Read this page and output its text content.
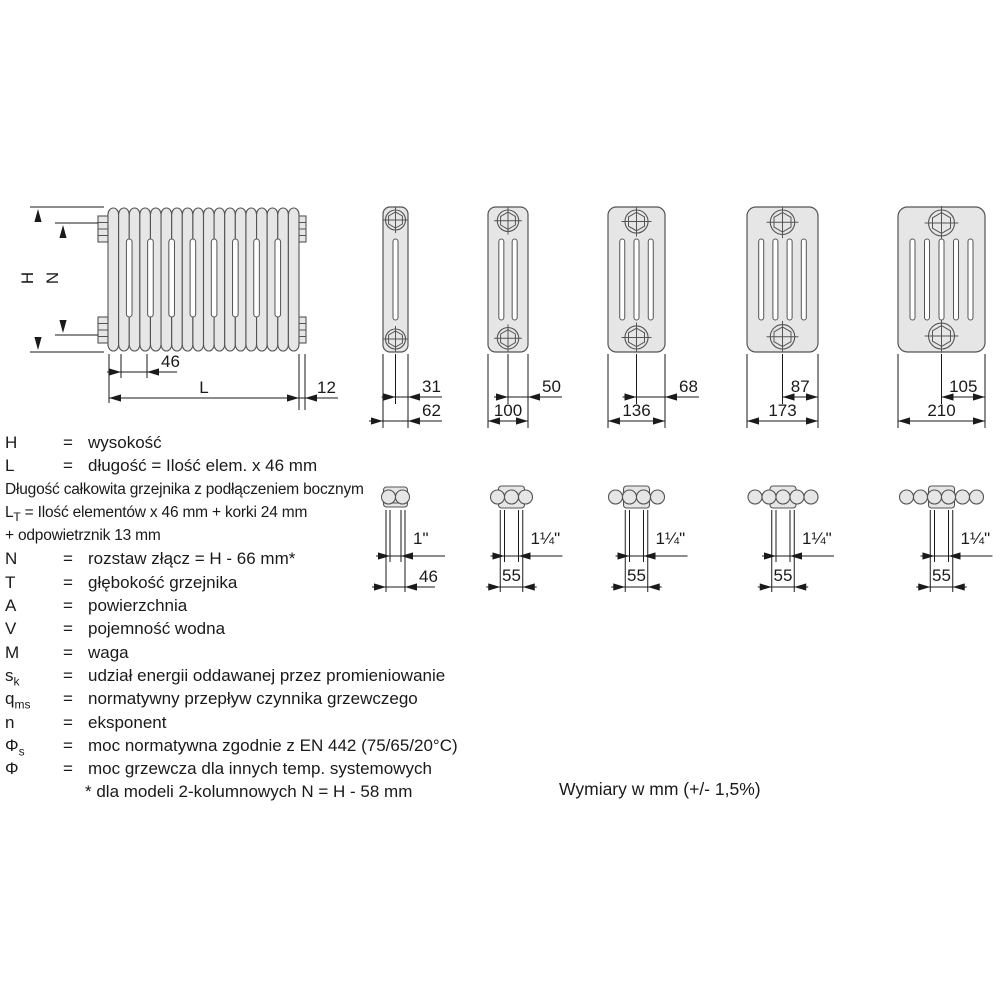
H N
46
L	12	31
62
50
100
68
136
87
173
105
210
1"
46
1¼"
55
1¼"
55
1¼"
55
1¼"
55
H	= wysokość
L	= długość = Ilość elem. x 46 mm
Długość całkowita grzejnika z podłączeniem bocznym
$L_T$ = Ilość elementów x 46 mm + korki 24 mm
+ odpowietrznik 13 mm
N	= rozstaw złącz = H - 66 mm*
T	= głębokość grzejnika
A	= powierzchnia
V	= pojemność wodna
M	= waga
$s_k$	= udział energii oddawanej przez promieniowanie
$q_{ms}$ = normatywny przepływ czynnika grzewczego
n	= eksponent
$\Phi_s$ = moc normatywna zgodnie z EN 442 (75/65/20°C)
Φ	= moc grzewcza dla innych temp. systemowych
* dla modeli 2-kolumnowych N = H - 58 mm	Wymiary w mm (+/- 1,5%)
